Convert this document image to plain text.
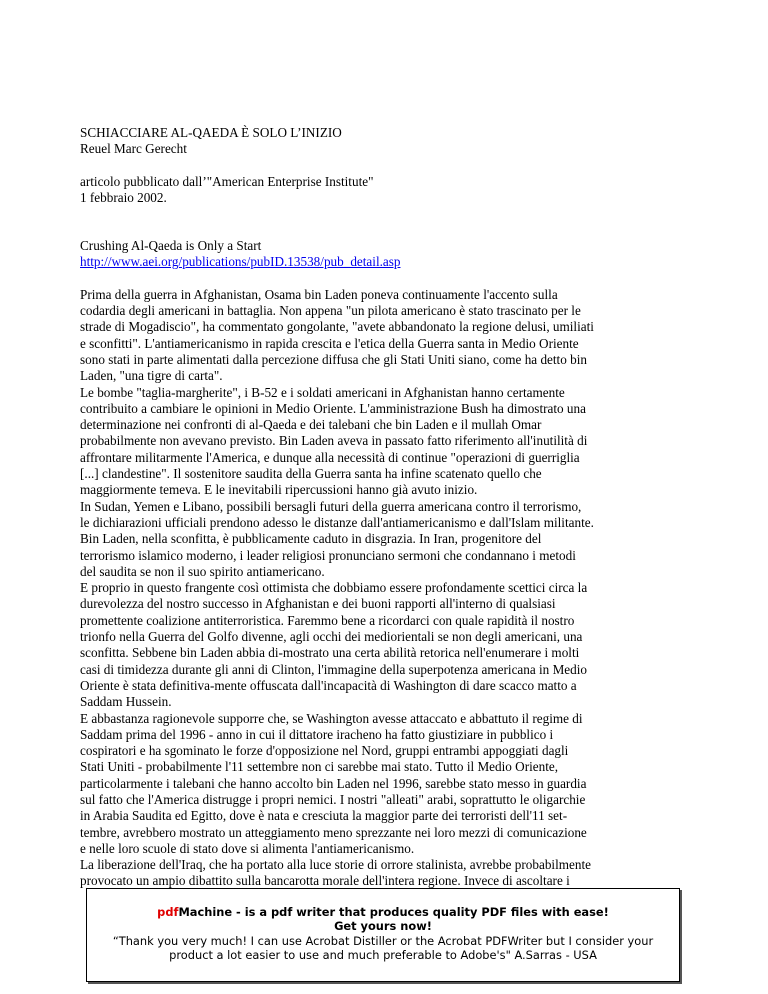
SCHIACCIARE AL-QAEDA È SOLO L’INIZIO
Reuel Marc Gerecht
articolo pubblicato dall’"American Enterprise Institute"
1 febbraio 2002.
Crushing Al-Qaeda is Only a Start
http://www.aei.org/publications/pubID.13538/pub_detail.asp
Prima della guerra in Afghanistan, Osama bin Laden poneva continuamente l'accento sulla
codardia degli americani in battaglia. Non appena "un pilota americano è stato trascinato per le
strade di Mogadiscio", ha commentato gongolante, "avete abbandonato la regione delusi, umiliati
e sconfitti". L'antiamericanismo in rapida crescita e l'etica della Guerra santa in Medio Oriente
sono stati in parte alimentati dalla percezione diffusa che gli Stati Uniti siano, come ha detto bin
Laden, "una tigre di carta".
Le bombe "taglia-margherite", i B-52 e i soldati americani in Afghanistan hanno certamente
contribuito a cambiare le opinioni in Medio Oriente. L'amministrazione Bush ha dimostrato una
determinazione nei confronti di al-Qaeda e dei talebani che bin Laden e il mullah Omar
probabilmente non avevano previsto. Bin Laden aveva in passato fatto riferimento all'inutilità di
affrontare militarmente l'America, e dunque alla necessità di continue "operazioni di guerriglia
[...] clandestine". Il sostenitore saudita della Guerra santa ha infine scatenato quello che
maggiormente temeva. E le inevitabili ripercussioni hanno già avuto inizio.
In Sudan, Yemen e Libano, possibili bersagli futuri della guerra americana contro il terrorismo,
le dichiarazioni ufficiali prendono adesso le distanze dall'antiamericanismo e dall'Islam militante.
Bin Laden, nella sconfitta, è pubblicamente caduto in disgrazia. In Iran, progenitore del
terrorismo islamico moderno, i leader religiosi pronunciano sermoni che condannano i metodi
del saudita se non il suo spirito antiamericano.
E proprio in questo frangente così ottimista che dobbiamo essere profondamente scettici circa la
durevolezza del nostro successo in Afghanistan e dei buoni rapporti all'interno di qualsiasi
promettente coalizione antiterroristica. Faremmo bene a ricordarci con quale rapidità il nostro
trionfo nella Guerra del Golfo divenne, agli occhi dei mediorientali se non degli americani, una
sconfitta. Sebbene bin Laden abbia di-mostrato una certa abilità retorica nell'enumerare i molti
casi di timidezza durante gli anni di Clinton, l'immagine della superpotenza americana in Medio
Oriente è stata definitiva-mente offuscata dall'incapacità di Washington di dare scacco matto a
Saddam Hussein.
E abbastanza ragionevole supporre che, se Washington avesse attaccato e abbattuto il regime di
Saddam prima del 1996 - anno in cui il dittatore iracheno ha fatto giustiziare in pubblico i
cospiratori e ha sgominato le forze d'opposizione nel Nord, gruppi entrambi appoggiati dagli
Stati Uniti - probabilmente l'11 settembre non ci sarebbe mai stato. Tutto il Medio Oriente,
particolarmente i talebani che hanno accolto bin Laden nel 1996, sarebbe stato messo in guardia
sul fatto che l'America distrugge i propri nemici. I nostri "alleati" arabi, soprattutto le oligarchie
in Arabia Saudita ed Egitto, dove è nata e cresciuta la maggior parte dei terroristi dell'11 set-
tembre, avrebbero mostrato un atteggiamento meno sprezzante nei loro mezzi di comunicazione
e nelle loro scuole di stato dove si alimenta l'antiamericanismo.
La liberazione dell'Iraq, che ha portato alla luce storie di orrore stalinista, avrebbe probabilmente
provocato un ampio dibattito sulla bancarotta morale dell'intera regione. Invece di ascoltare i
pdfMachine - is a pdf writer that produces quality PDF files with ease!
Get yours now!
“Thank you very much! I can use Acrobat Distiller or the Acrobat PDFWriter but I consider your
product a lot easier to use and much preferable to Adobe's" A.Sarras - USA
